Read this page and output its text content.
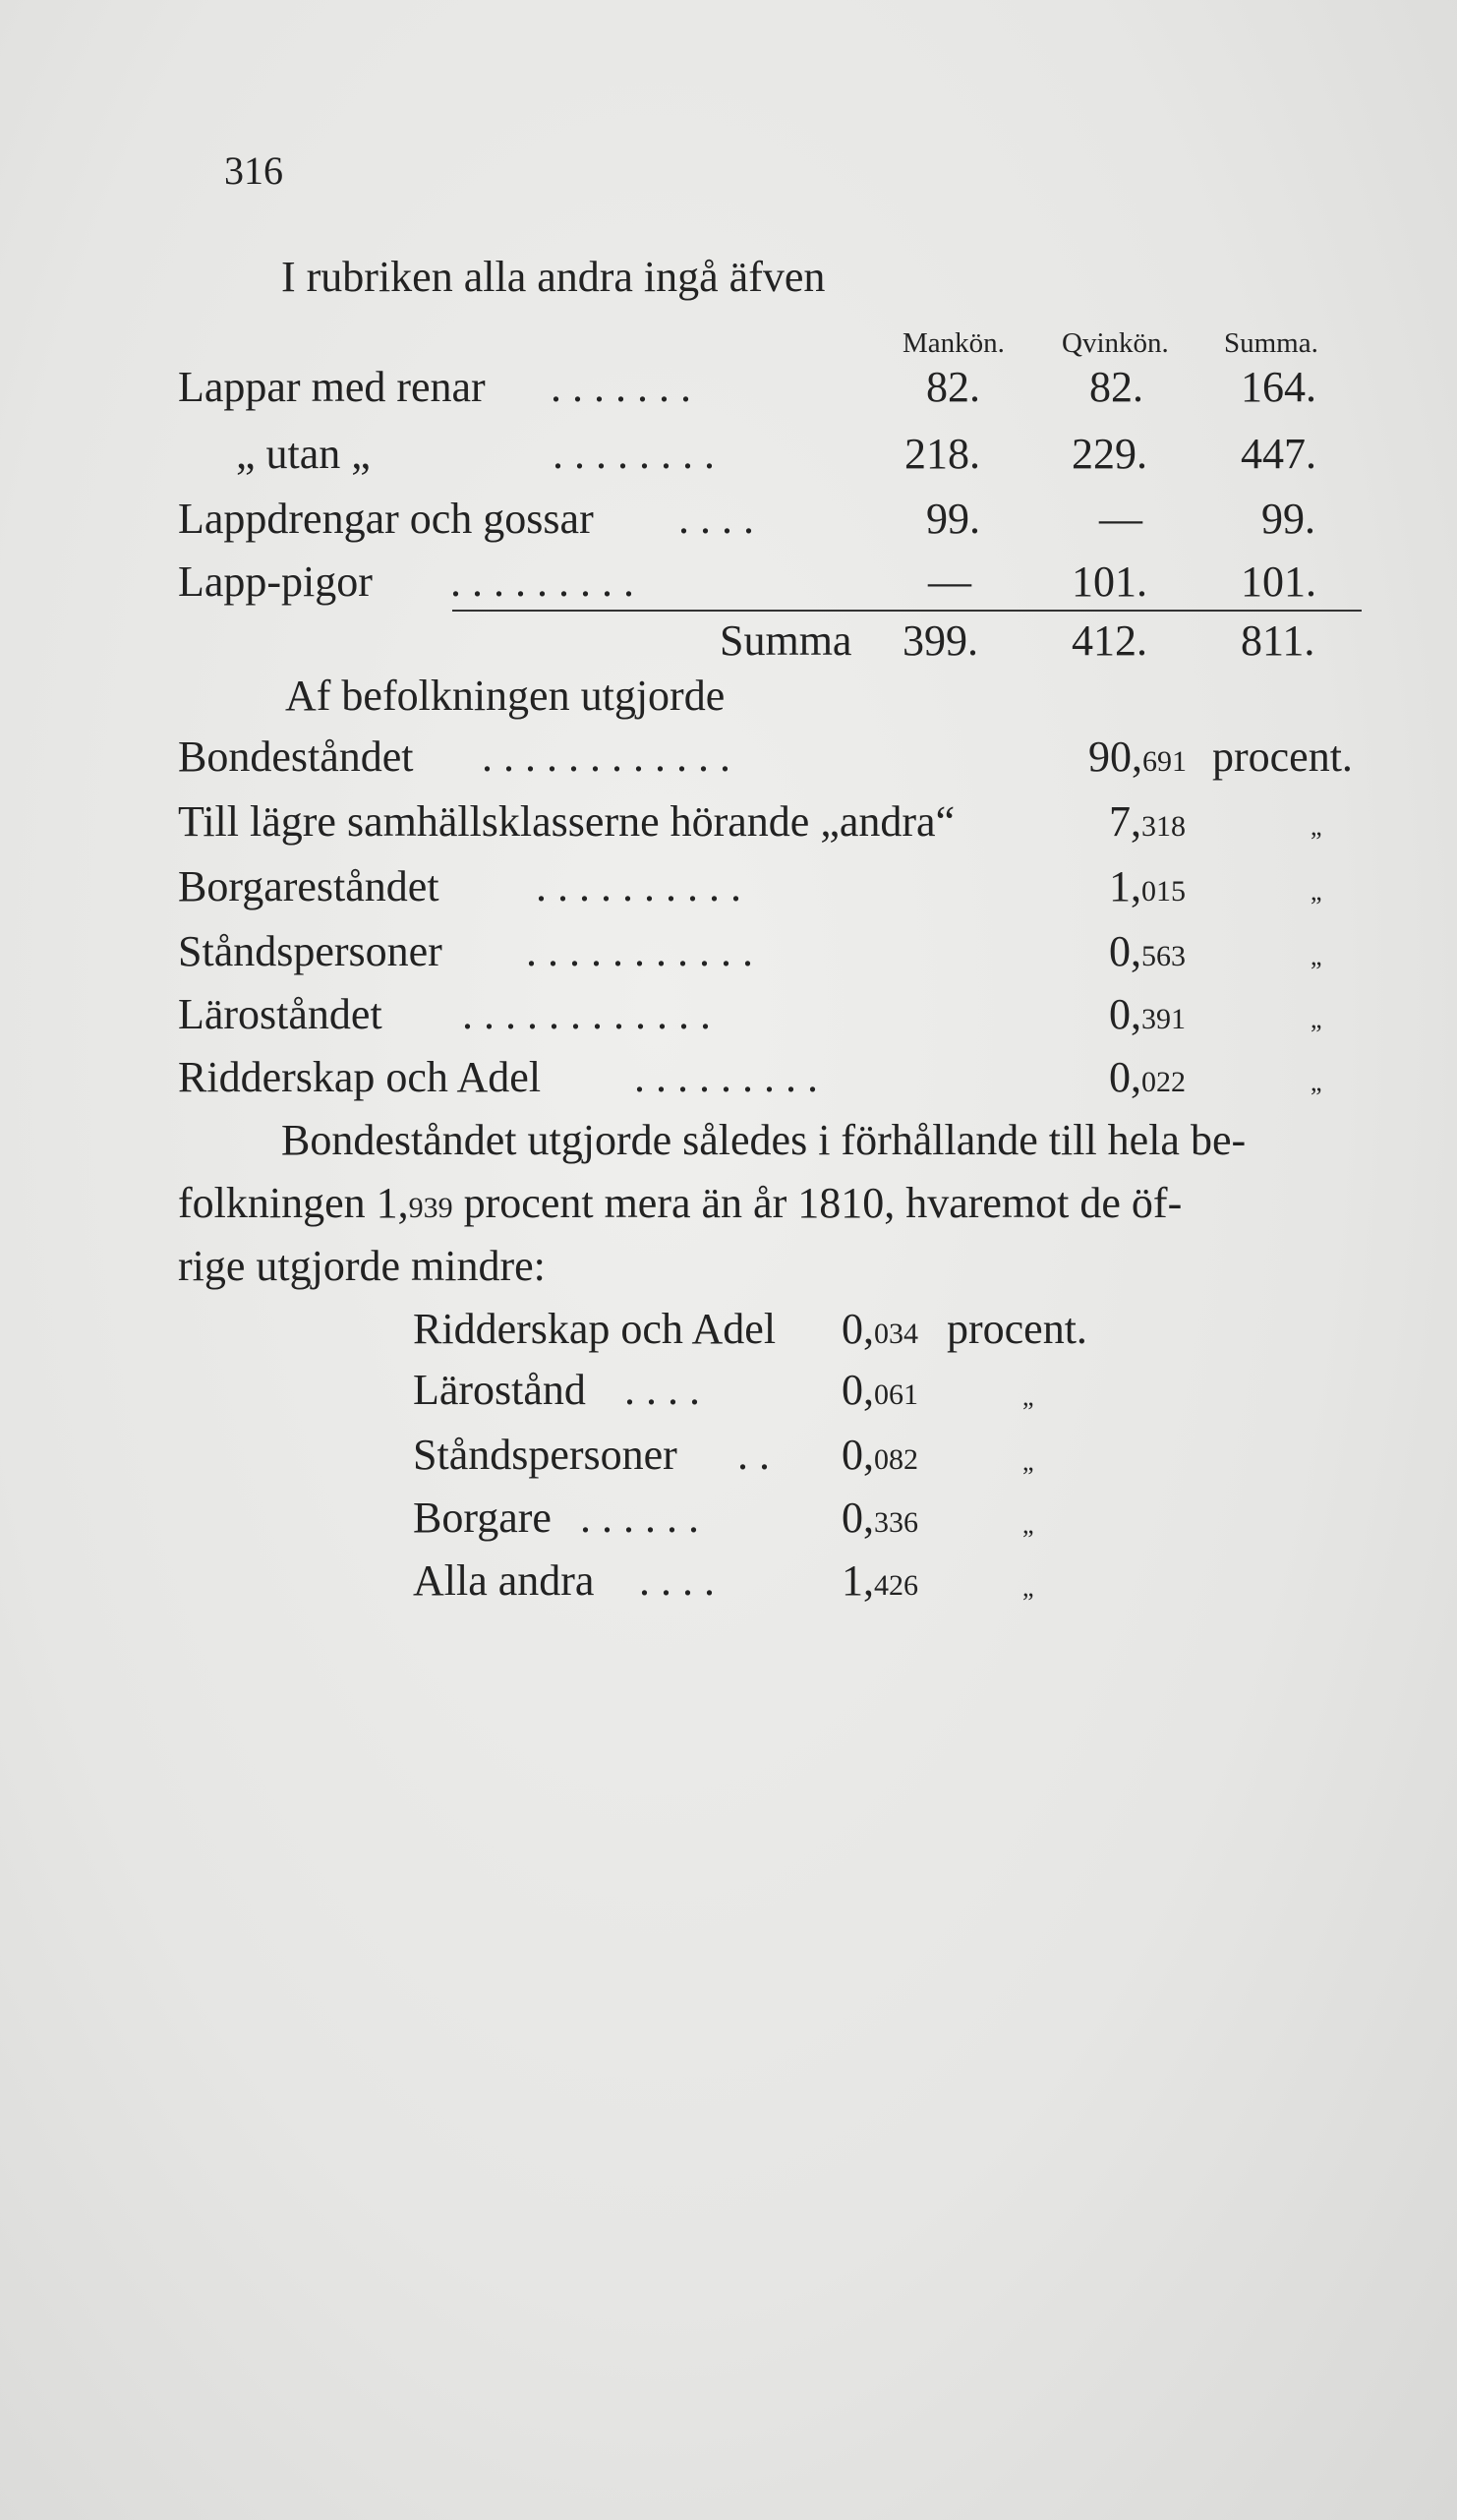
316
I rubriken alla andra ingå äfven
Mankön. Qvinkön. Summa.
Lappar med renar . . . . . . .	82.	82. 164.
„ utan „	. . . . . . . .	218. 229. 447.
Lappdrengar och gossar . . . .	99.	—	99.
Lapp-pigor . . . . . . . . .	— 101. 101.
Summa 399. 412. 811.
Af befolkningen utgjorde
Bondeståndet . . . . . . . . . . . .	90,691 procent.
Till lägre samhällsklasserne hörande „andra“	7,318	„
Borgareståndet . . . . . . . . . .	1,015	„
Ståndspersoner . . . . . . . . . . .	0,563	„
Läroståndet . . . . . . . . . . . .	0,391	„
Ridderskap och Adel . . . . . . . . .	0,022	„
Bondeståndet utgjorde således i förhållande till hela be-
folkningen 1,939 procent mera än år 1810, hvaremot de öf-
rige utgjorde mindre:
Ridderskap och Adel 0,034 procent.
Lärostånd . . . .	0,061	„
Ståndspersoner . . 0,082	„
Borgare . . . . . .	0,336	„
Alla andra . . . .	1,426	„
